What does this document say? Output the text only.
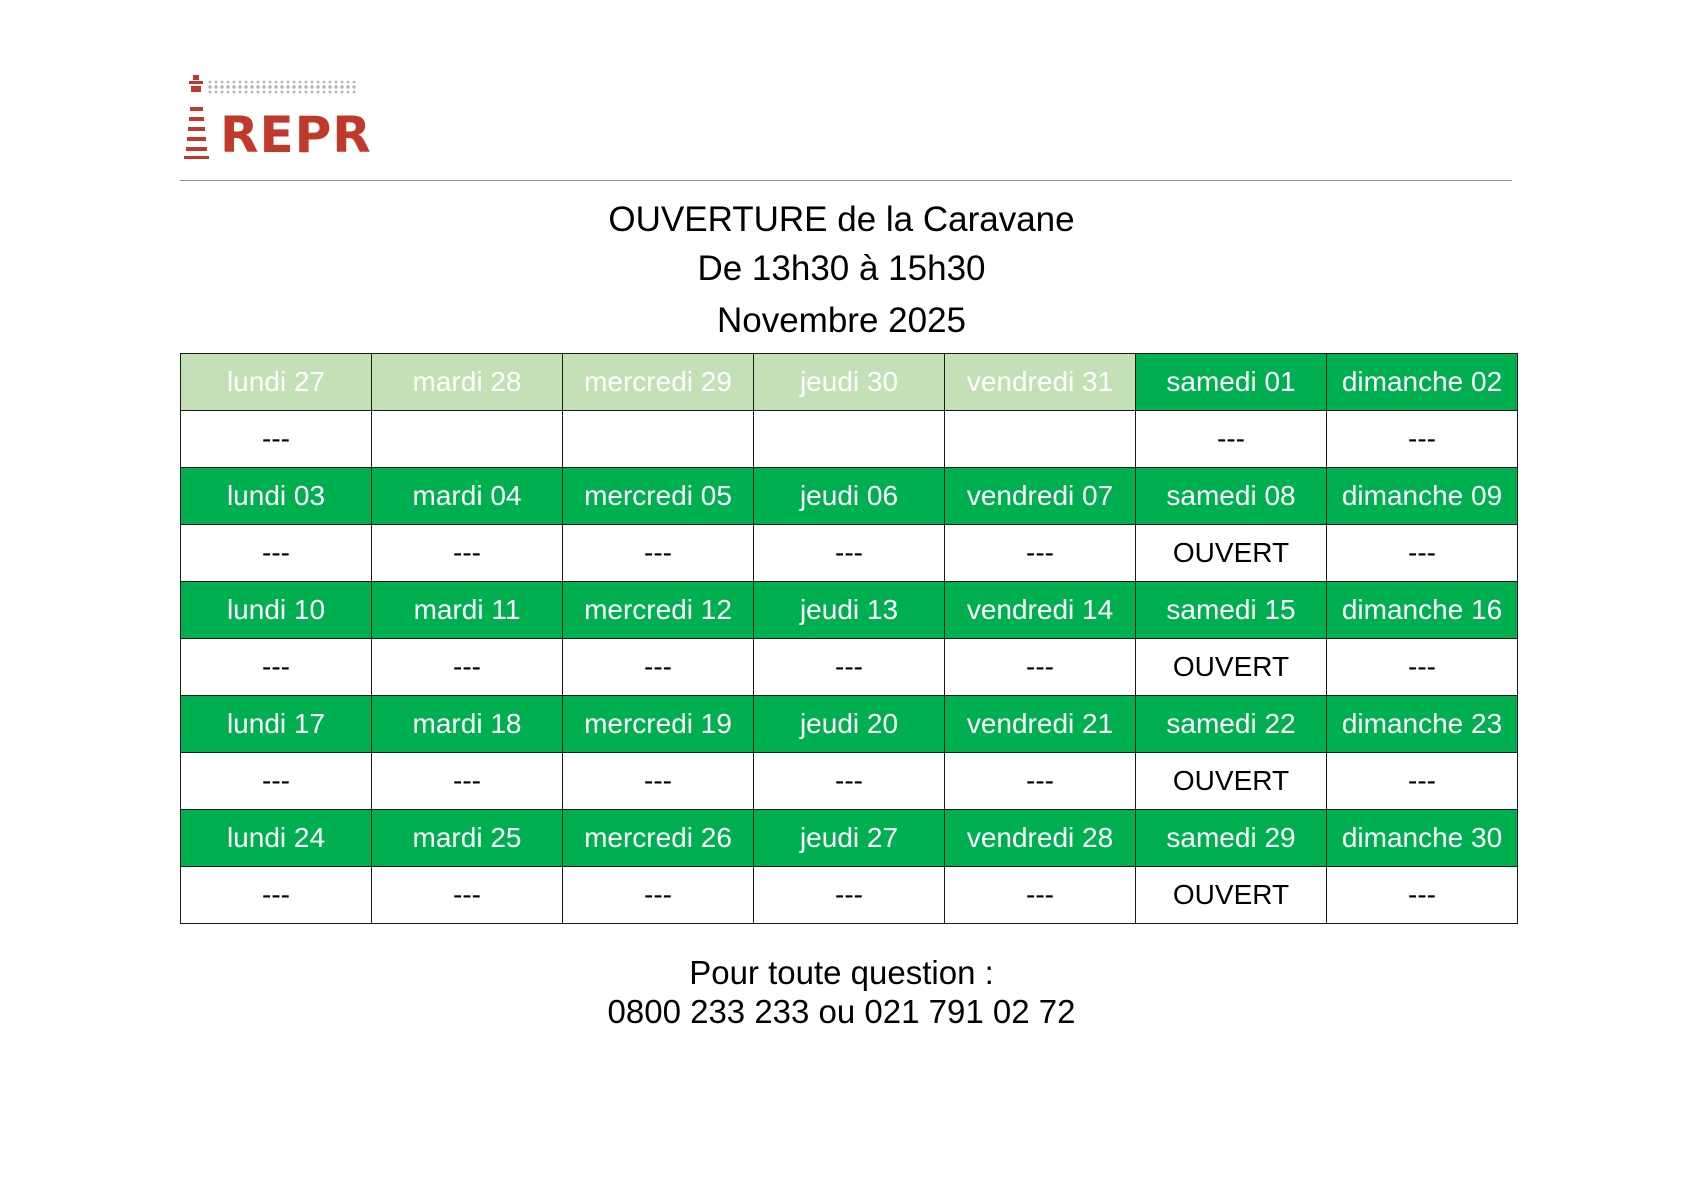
REPR
OUVERTURE de la Caravane
De 13h30 à 15h30
Novembre 2025
lundi 27	mardi 28	mercredi 29	jeudi 30	vendredi 31	samedi 01	dimanche 02
---					---	---
lundi 03	mardi 04	mercredi 05	jeudi 06	vendredi 07	samedi 08	dimanche 09
---	---	---	---	---	OUVERT	---
lundi 10	mardi 11	mercredi 12	jeudi 13	vendredi 14	samedi 15	dimanche 16
---	---	---	---	---	OUVERT	---
lundi 17	mardi 18	mercredi 19	jeudi 20	vendredi 21	samedi 22	dimanche 23
---	---	---	---	---	OUVERT	---
lundi 24	mardi 25	mercredi 26	jeudi 27	vendredi 28	samedi 29	dimanche 30
---	---	---	---	---	OUVERT	---
Pour toute question :
0800 233 233 ou 021 791 02 72
